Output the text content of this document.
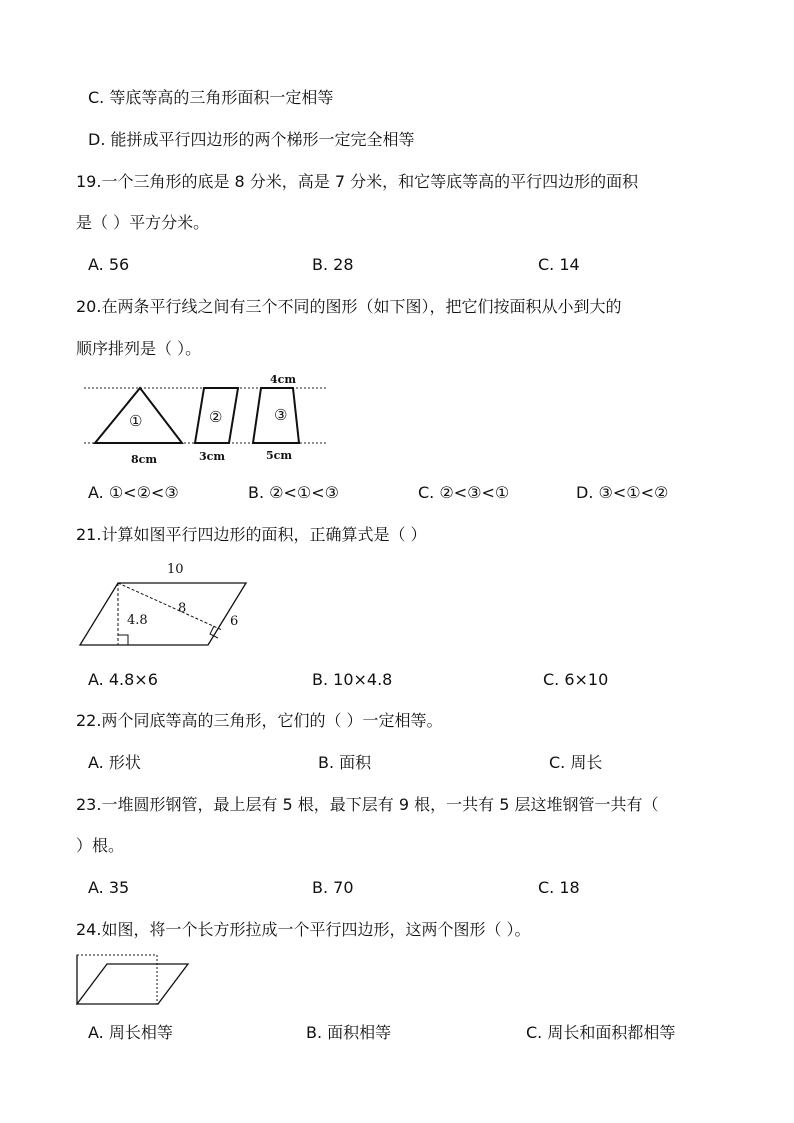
C. 等底等高的三角形面积一定相等
D. 能拼成平行四边形的两个梯形一定完全相等
19.一个三角形的底是 8 分米，高是 7 分米，和它等底等高的平行四边形的面积
是（ ）平方分米。
A. 56	B. 28	C. 14
20.在两条平行线之间有三个不同的图形（如下图），把它们按面积从小到大的
顺序排列是（ ）。
①	②	③
4cm
8cm	3cm	5cm
A. ①<②<③	B. ②<①<③	C. ②<③<①	D. ③<①<②
21.计算如图平行四边形的面积，正确算式是（ ）
10
4.8
8
6
A. 4.8×6	B. 10×4.8	C. 6×10
22.两个同底等高的三角形，它们的（ ）一定相等。
A. 形状	B. 面积	C. 周长
23.一堆圆形钢管，最上层有 5 根，最下层有 9 根，一共有 5 层这堆钢管一共有（
）根。
A. 35	B. 70	C. 18
24.如图，将一个长方形拉成一个平行四边形，这两个图形（ ）。
A. 周长相等	B. 面积相等	C. 周长和面积都相等
